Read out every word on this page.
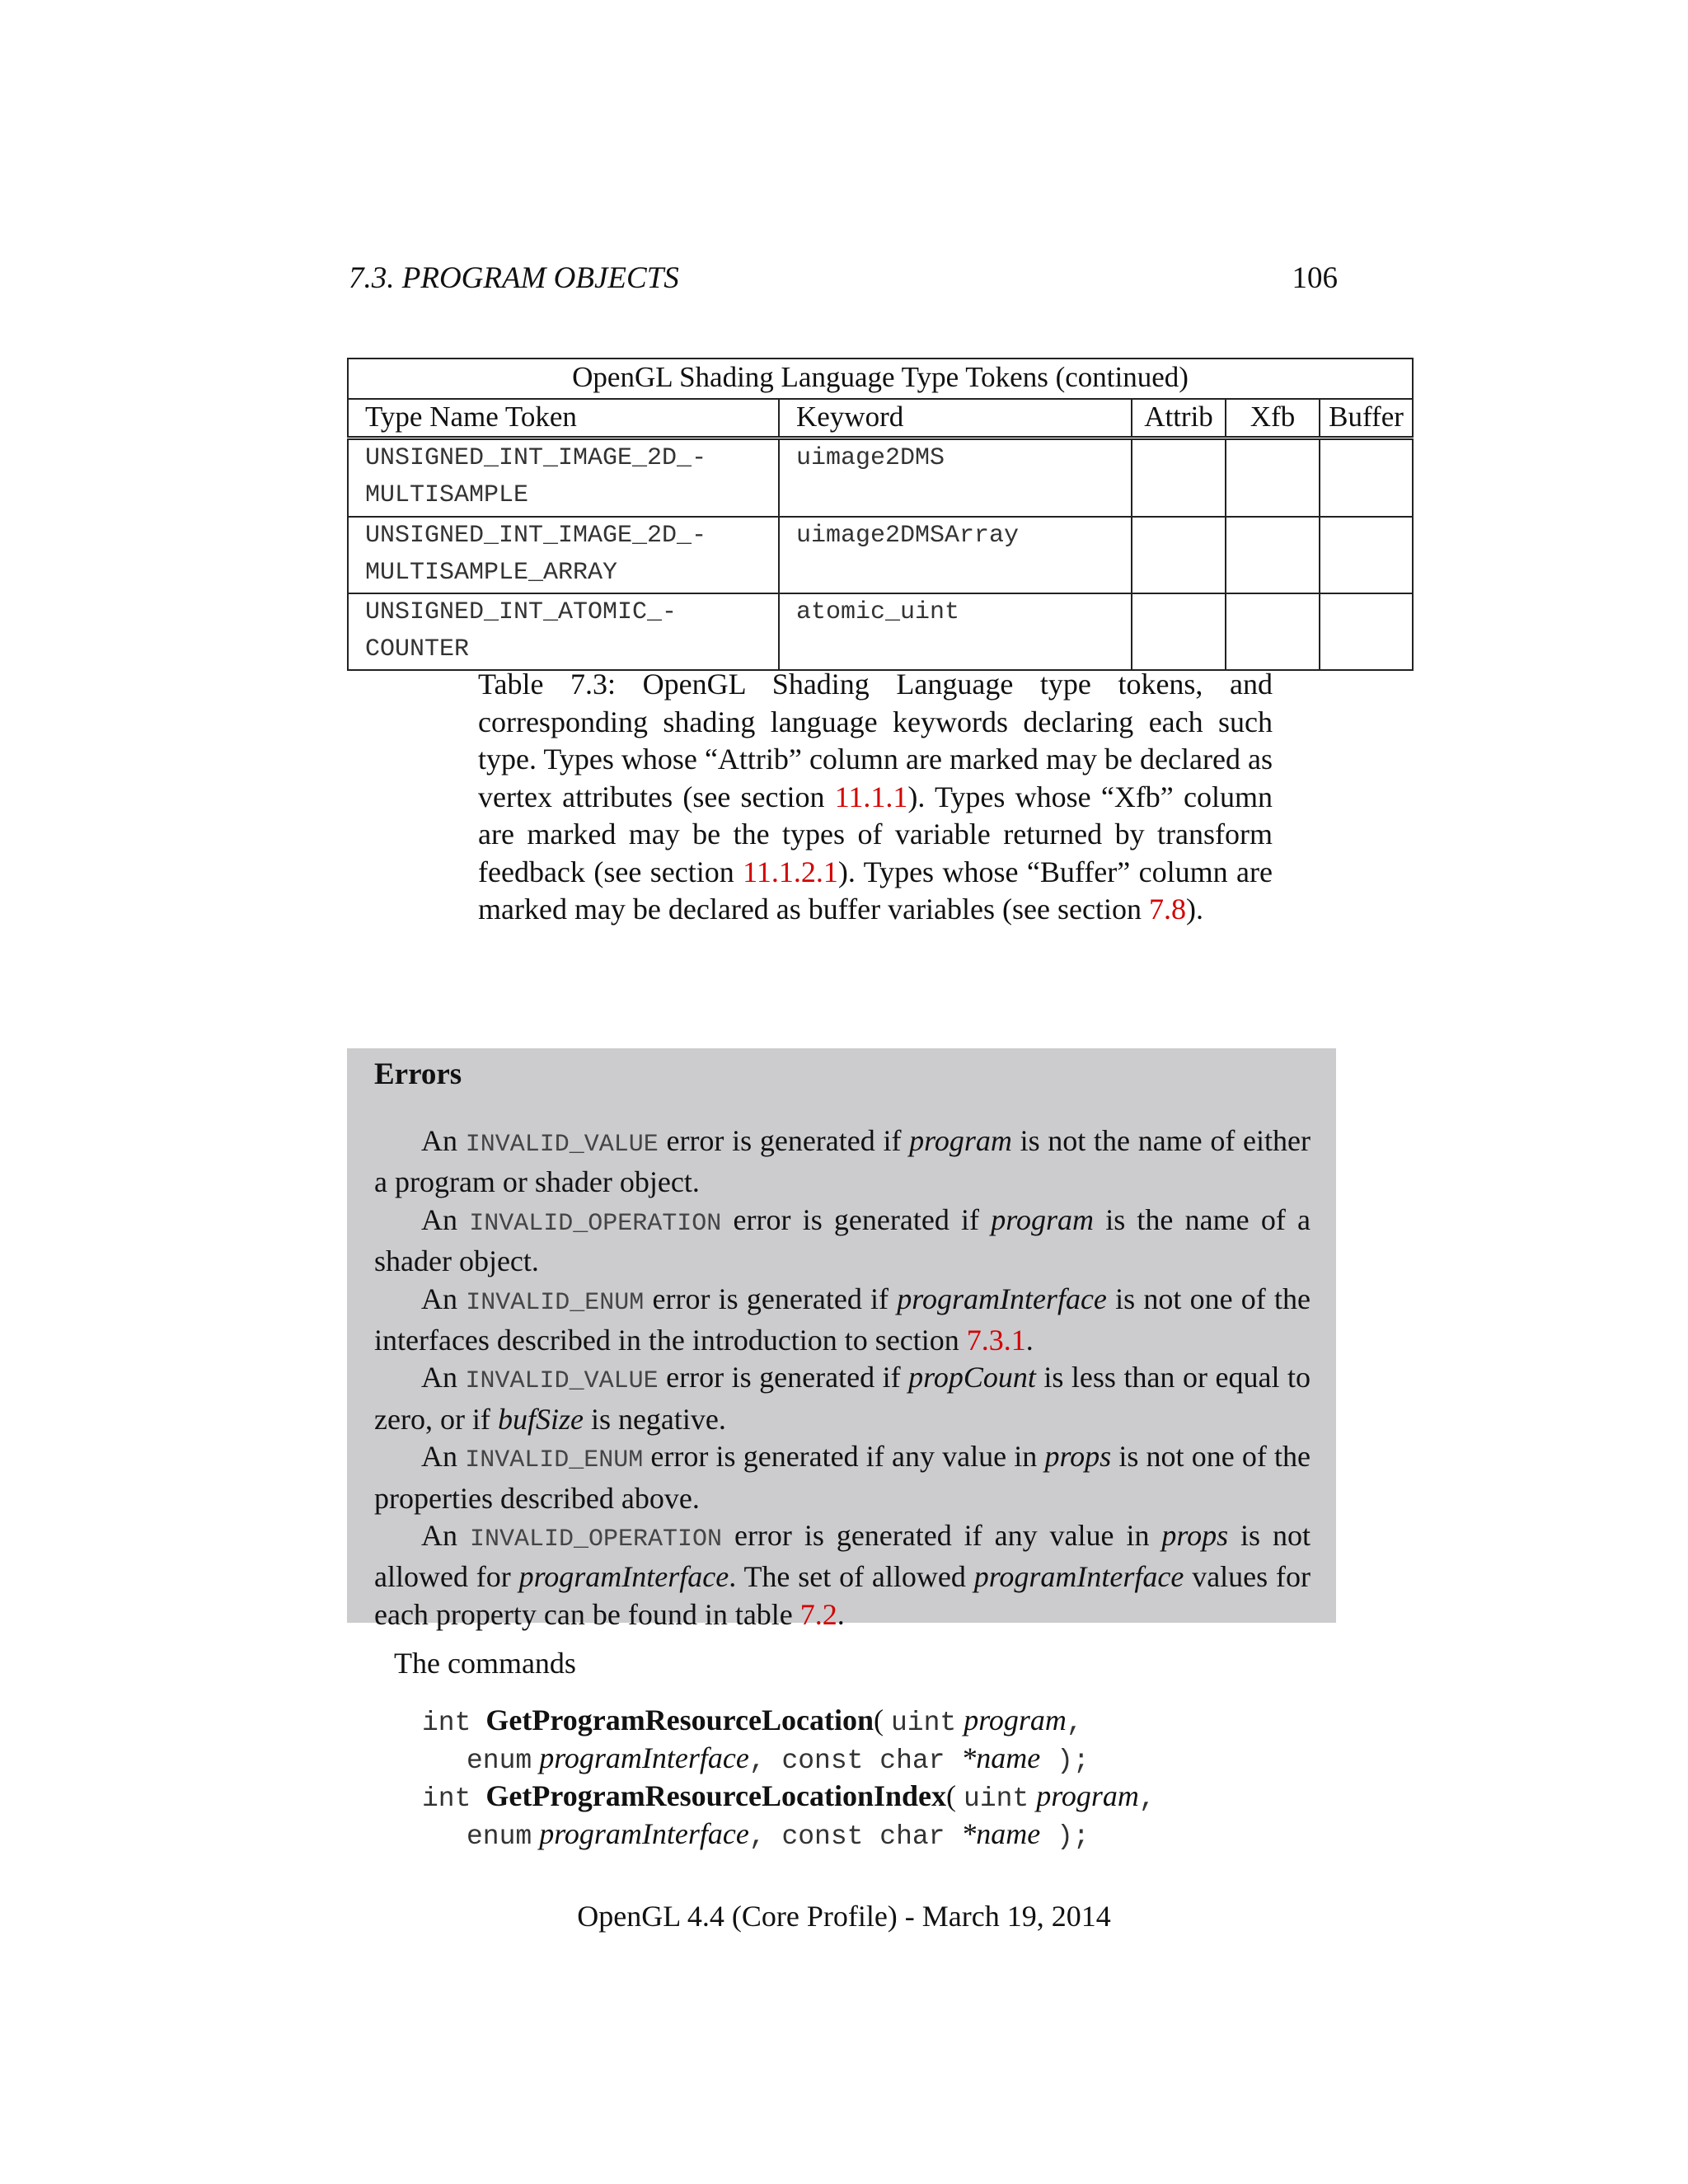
7.3. PROGRAM OBJECTS	106
OpenGL Shading Language Type Tokens (continued)				
Type Name Token	Keyword	Attrib	Xfb	Buffer

UNSIGNED_INT_IMAGE_2D_-
MULTISAMPLE	uimage2DMS			

UNSIGNED_INT_IMAGE_2D_-
MULTISAMPLE_ARRAY	uimage2DMSArray			

UNSIGNED_INT_ATOMIC_-
COUNTER	atomic_uint			

Table 7.3: OpenGL Shading Language type tokens, and corresponding shading language keywords declaring each such type. Types whose “Attrib” column are marked may be declared as vertex attributes (see section 11.1.1). Types whose “Xfb” column are marked may be the types of variable returned by transform feedback (see section 11.1.2.1). Types whose “Buffer” column are marked may be declared as buffer variables (see section 7.8).

Errors

An INVALID_VALUE error is generated if program is not the name of either a program or shader object.

An INVALID_OPERATION error is generated if program is the name of a shader object.

An INVALID_ENUM error is generated if programInterface is not one of the interfaces described in the introduction to section 7.3.1.

An INVALID_VALUE error is generated if propCount is less than or equal to zero, or if bufSize is negative.

An INVALID_ENUM error is generated if any value in props is not one of the properties described above.

An INVALID_OPERATION error is generated if any value in props is not allowed for programInterface. The set of allowed programInterface values for each property can be found in table 7.2.

The commands
int GetProgramResourceLocation( uint program,
enum programInterface, const char *name );
int GetProgramResourceLocationIndex( uint program,
enum programInterface, const char *name );
OpenGL 4.4 (Core Profile) - March 19, 2014
